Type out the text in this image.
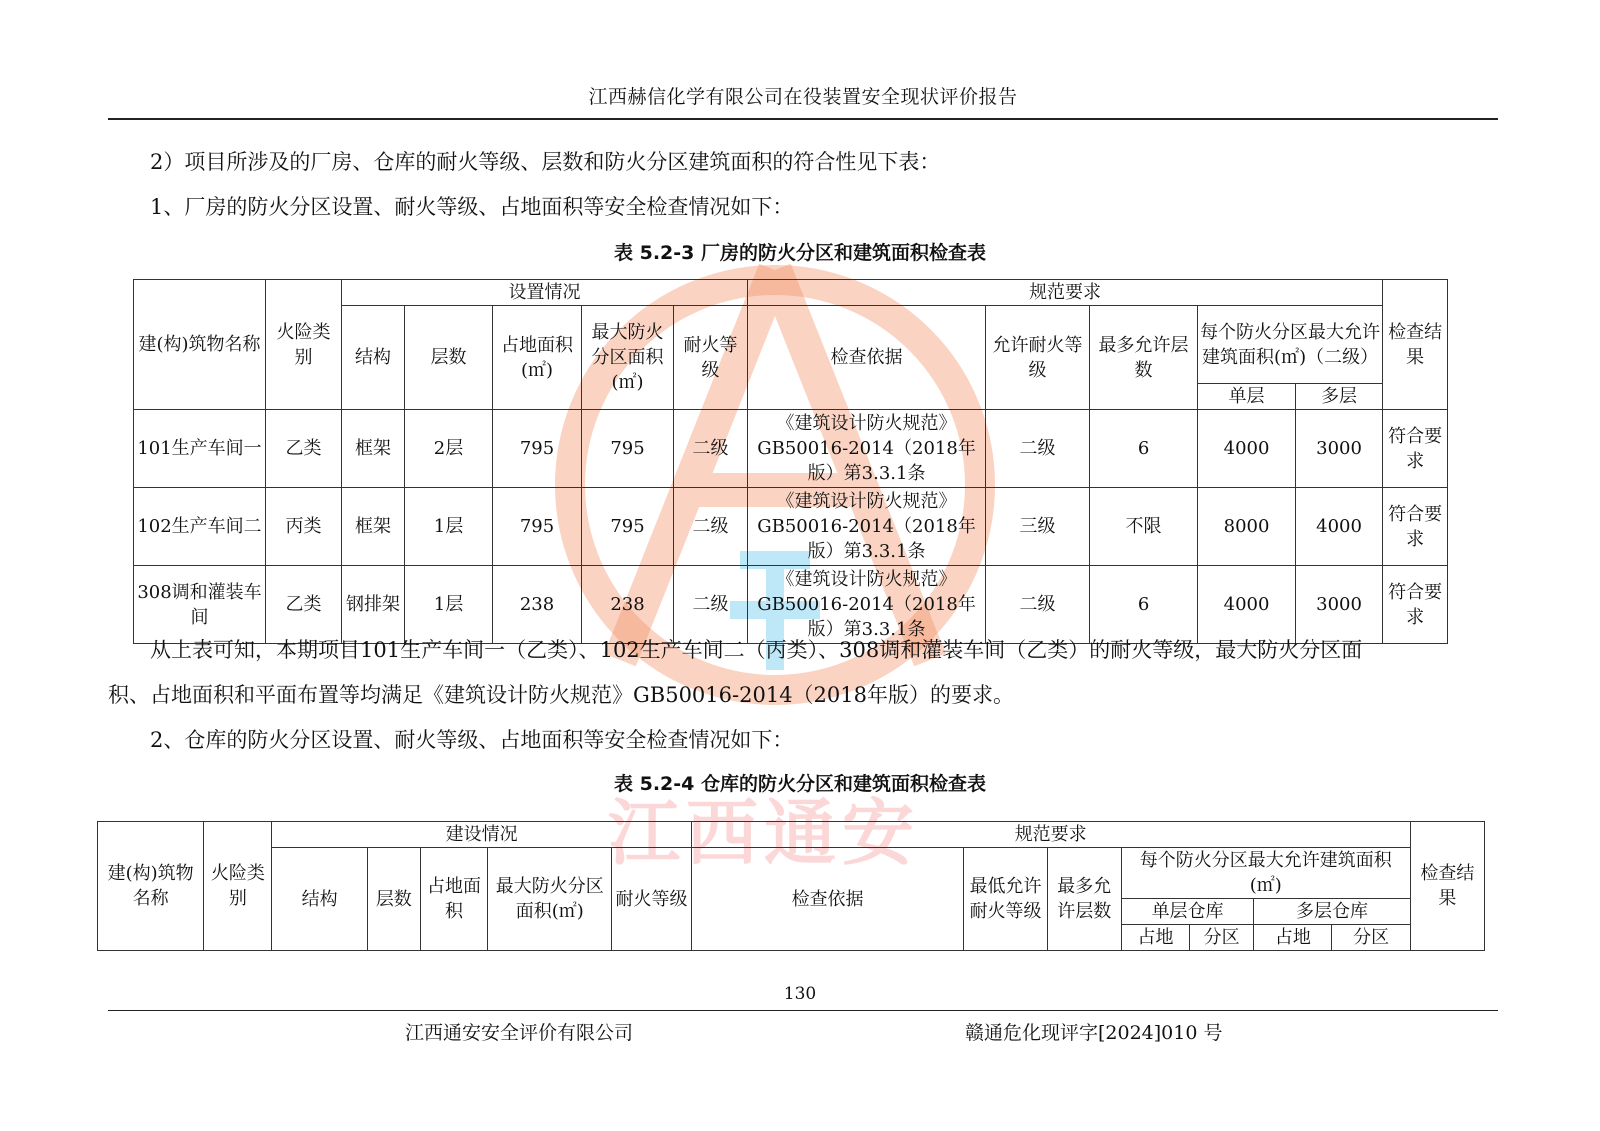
江西赫信化学有限公司在役装置安全现状评价报告
2）项目所涉及的厂房、仓库的耐火等级、层数和防火分区建筑面积的符合性见下表：
1、厂房的防火分区设置、耐火等级、占地面积等安全检查情况如下：
表 5.2-3 厂房的防火分区和建筑面积检查表
江西通安
建(构)筑物名称	火险类别	设置情况					规范要求					检查结果
		结构	层数	占地面积(㎡)	最大防火分区面积(㎡)	耐火等级	检查依据	允许耐火等级	最多允许层数	每个防火分区最大允许建筑面积(㎡)（二级）		
										单层	多层	
101生产车间一	乙类	框架	2层	795	795	二级	《建筑设计防火规范》GB50016-2014（2018年版）第3.3.1条	二级	6	4000	3000	符合要求
102生产车间二	丙类	框架	1层	795	795	二级	《建筑设计防火规范》GB50016-2014（2018年版）第3.3.1条	三级	不限	8000	4000	符合要求
308调和灌装车间	乙类	钢排架	1层	238	238	二级	《建筑设计防火规范》GB50016-2014（2018年版）第3.3.1条	二级	6	4000	3000	符合要求
从上表可知，本期项目101生产车间一（乙类）、102生产车间二（丙类）、308调和灌装车间（乙类）的耐火等级，最大防火分区面
积、占地面积和平面布置等均满足《建筑设计防火规范》GB50016-2014（2018年版）的要求。
2、仓库的防火分区设置、耐火等级、占地面积等安全检查情况如下：
表 5.2-4 仓库的防火分区和建筑面积检查表
建(构)筑物名称	火险类别	建设情况					规范要求							检查结果
		结构	层数	占地面积	最大防火分区面积(㎡)	耐火等级	检查依据	最低允许耐火等级	最多允许层数	每个防火分区最大允许建筑面积(㎡)				
										单层仓库		多层仓库		
										占地	分区	占地	分区	
130
江西通安安全评价有限公司	赣通危化现评字[2024]010 号
